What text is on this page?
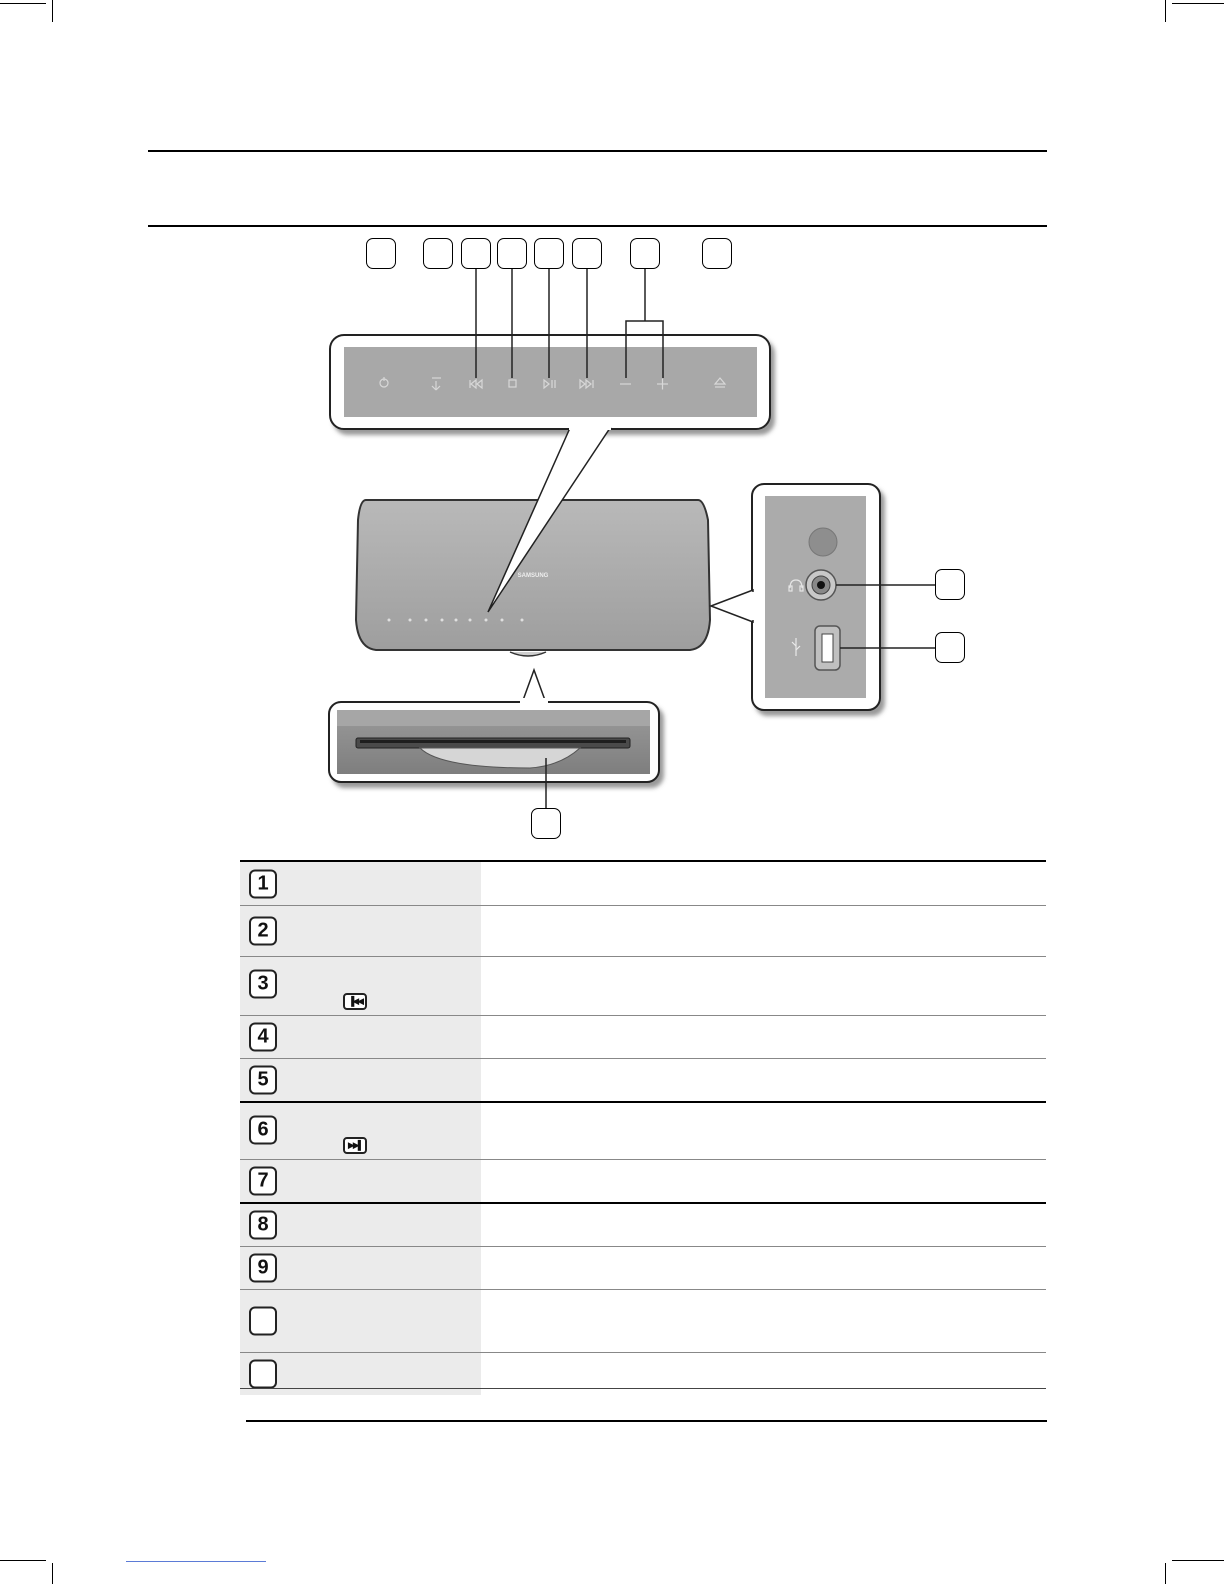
SAMSUNG
1
2
3
▐◀◀
4
5
6
▶▶▌
7
8
9
